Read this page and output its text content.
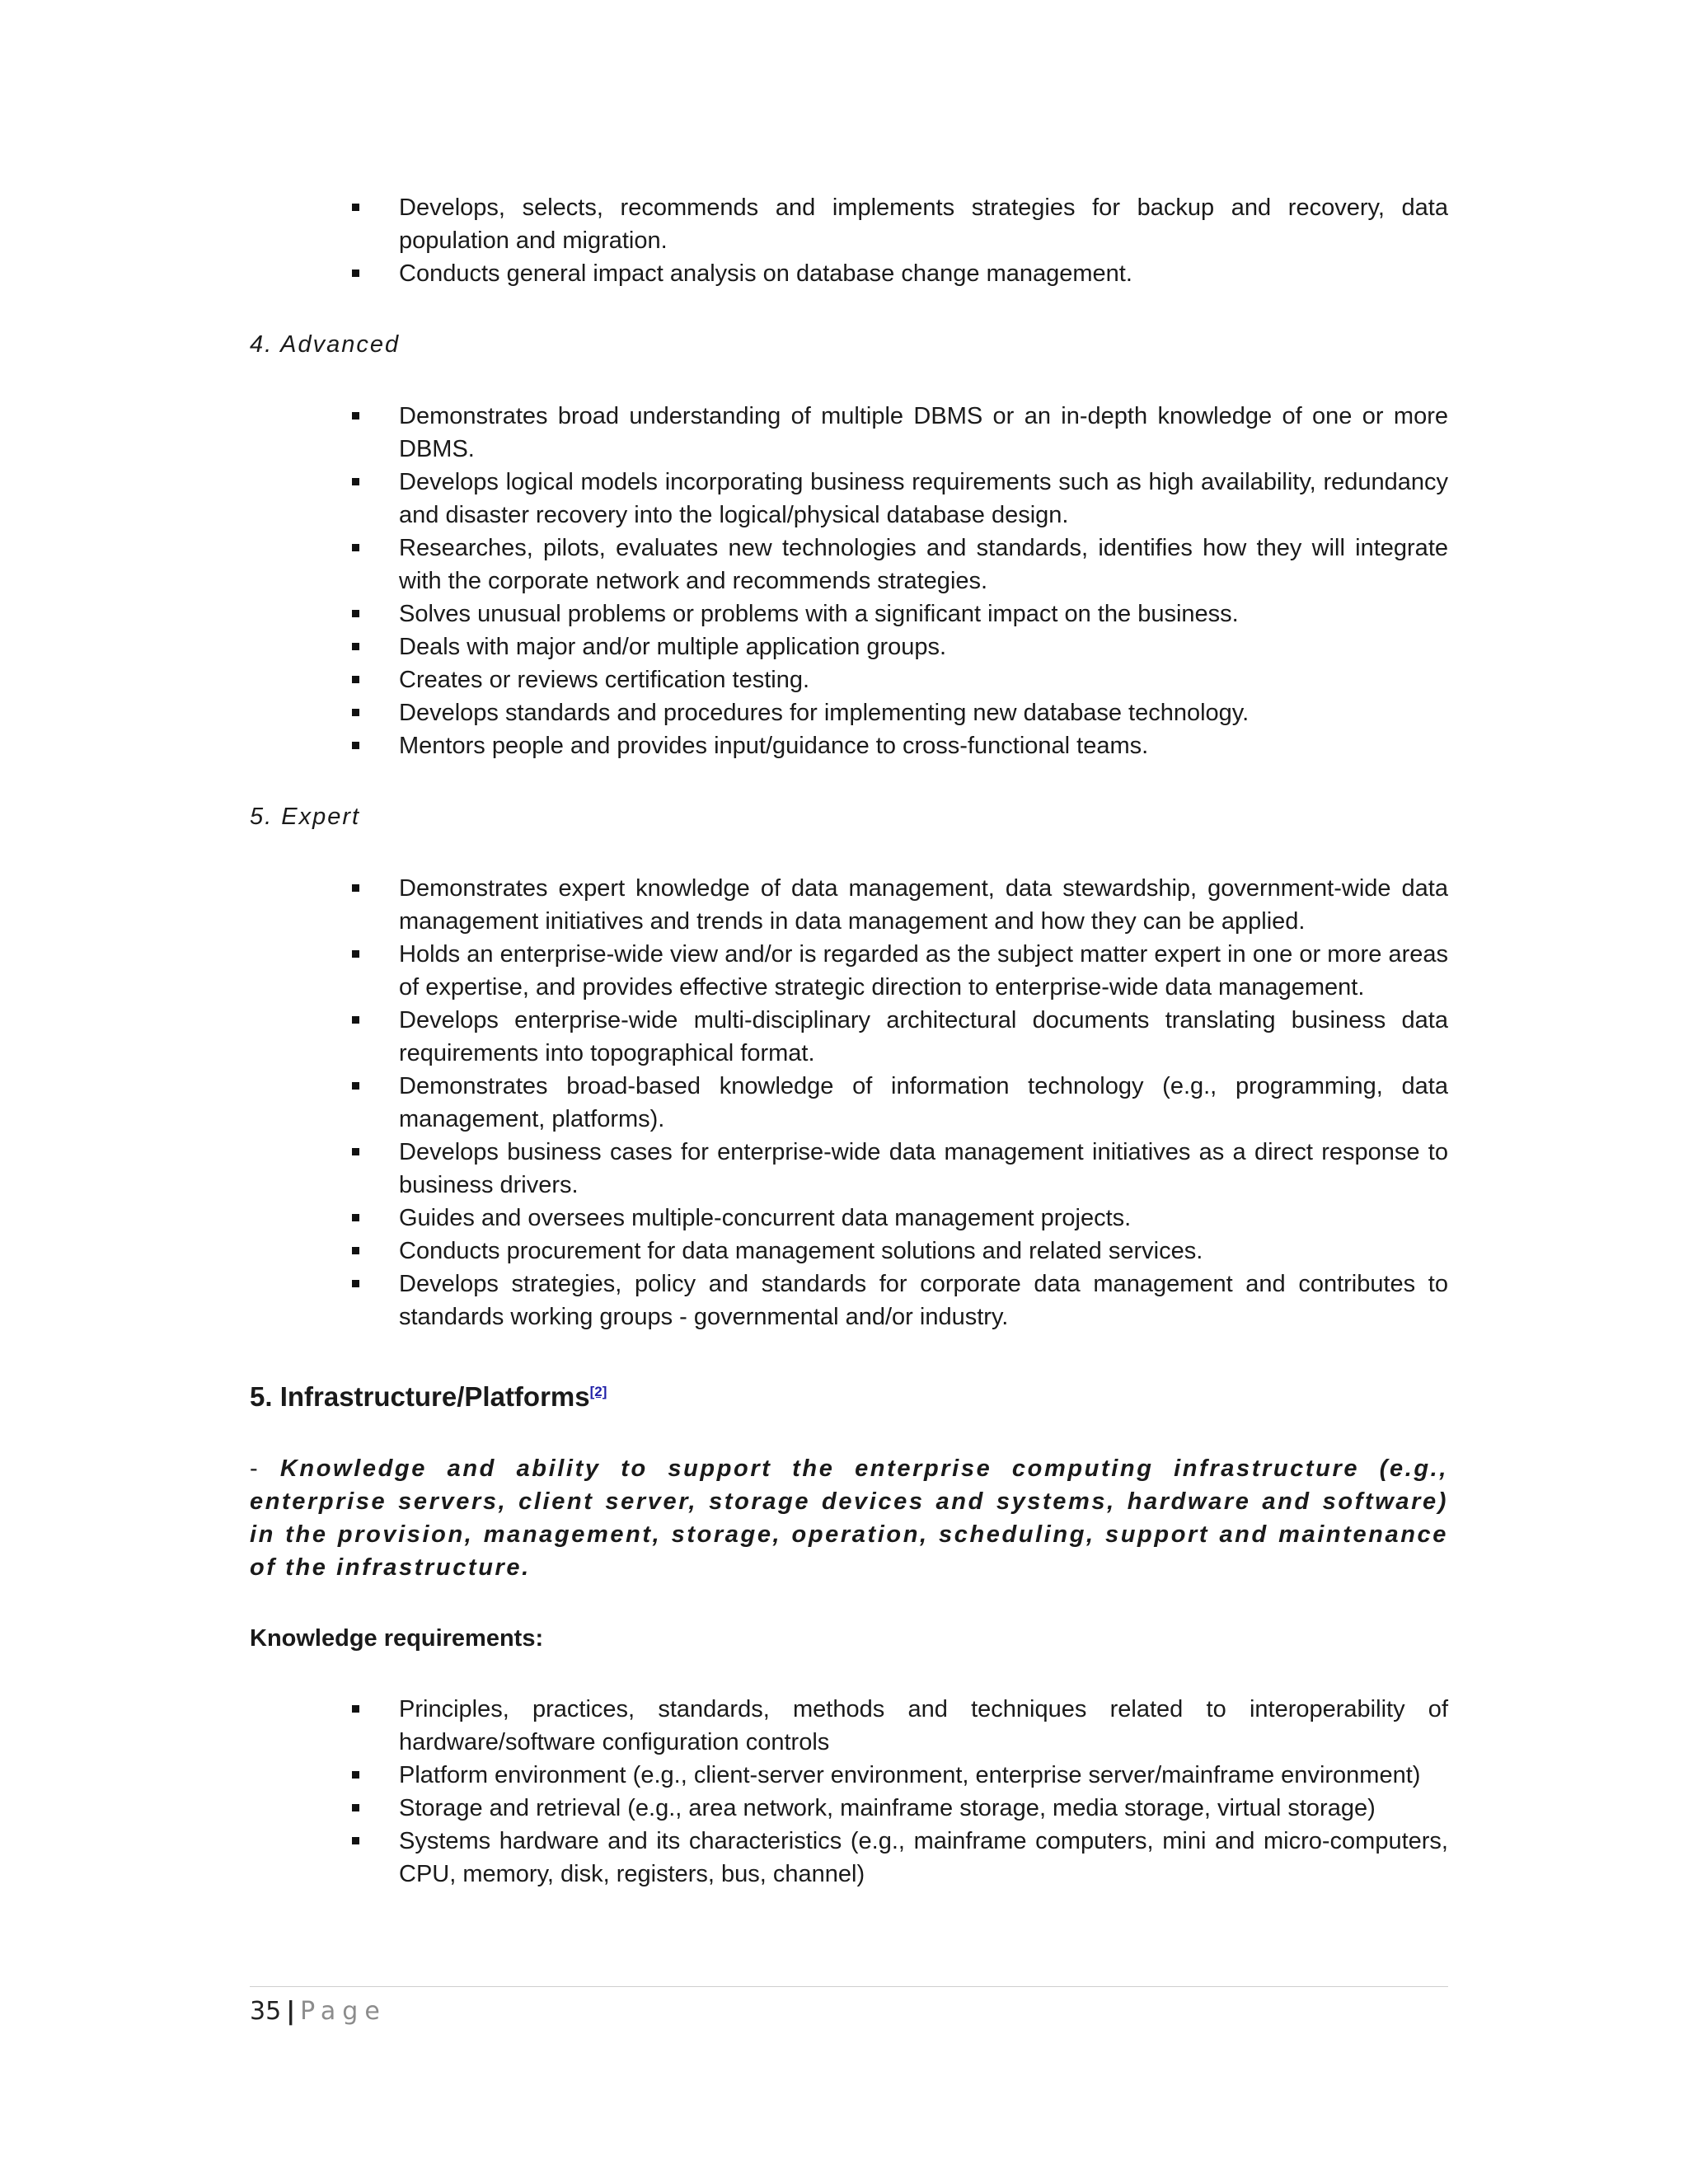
Develops, selects, recommends and implements strategies for backup and recovery, data population and migration.
Conducts general impact analysis on database change management.
4. Advanced
Demonstrates broad understanding of multiple DBMS or an in-depth knowledge of one or more DBMS.
Develops logical models incorporating business requirements such as high availability, redundancy and disaster recovery into the logical/physical database design.
Researches, pilots, evaluates new technologies and standards, identifies how they will integrate with the corporate network and recommends strategies.
Solves unusual problems or problems with a significant impact on the business.
Deals with major and/or multiple application groups.
Creates or reviews certification testing.
Develops standards and procedures for implementing new database technology.
Mentors people and provides input/guidance to cross-functional teams.
5. Expert
Demonstrates expert knowledge of data management, data stewardship, government-wide data management initiatives and trends in data management and how they can be applied.
Holds an enterprise-wide view and/or is regarded as the subject matter expert in one or more areas of expertise, and provides effective strategic direction to enterprise-wide data management.
Develops enterprise-wide multi-disciplinary architectural documents translating business data requirements into topographical format.
Demonstrates broad-based knowledge of information technology (e.g., programming, data management, platforms).
Develops business cases for enterprise-wide data management initiatives as a direct response to business drivers.
Guides and oversees multiple-concurrent data management projects.
Conducts procurement for data management solutions and related services.
Develops strategies, policy and standards for corporate data management and contributes to standards working groups - governmental and/or industry.
5. Infrastructure/Platforms[2]
- Knowledge and ability to support the enterprise computing infrastructure (e.g., enterprise servers, client server, storage devices and systems, hardware and software) in the provision, management, storage, operation, scheduling, support and maintenance of the infrastructure.
Knowledge requirements:
Principles, practices, standards, methods and techniques related to interoperability of hardware/software configuration controls
Platform environment (e.g., client-server environment, enterprise server/mainframe environment)
Storage and retrieval (e.g., area network, mainframe storage, media storage, virtual storage)
Systems hardware and its characteristics (e.g., mainframe computers, mini and micro-computers, CPU, memory, disk, registers, bus, channel)
35 | Page
